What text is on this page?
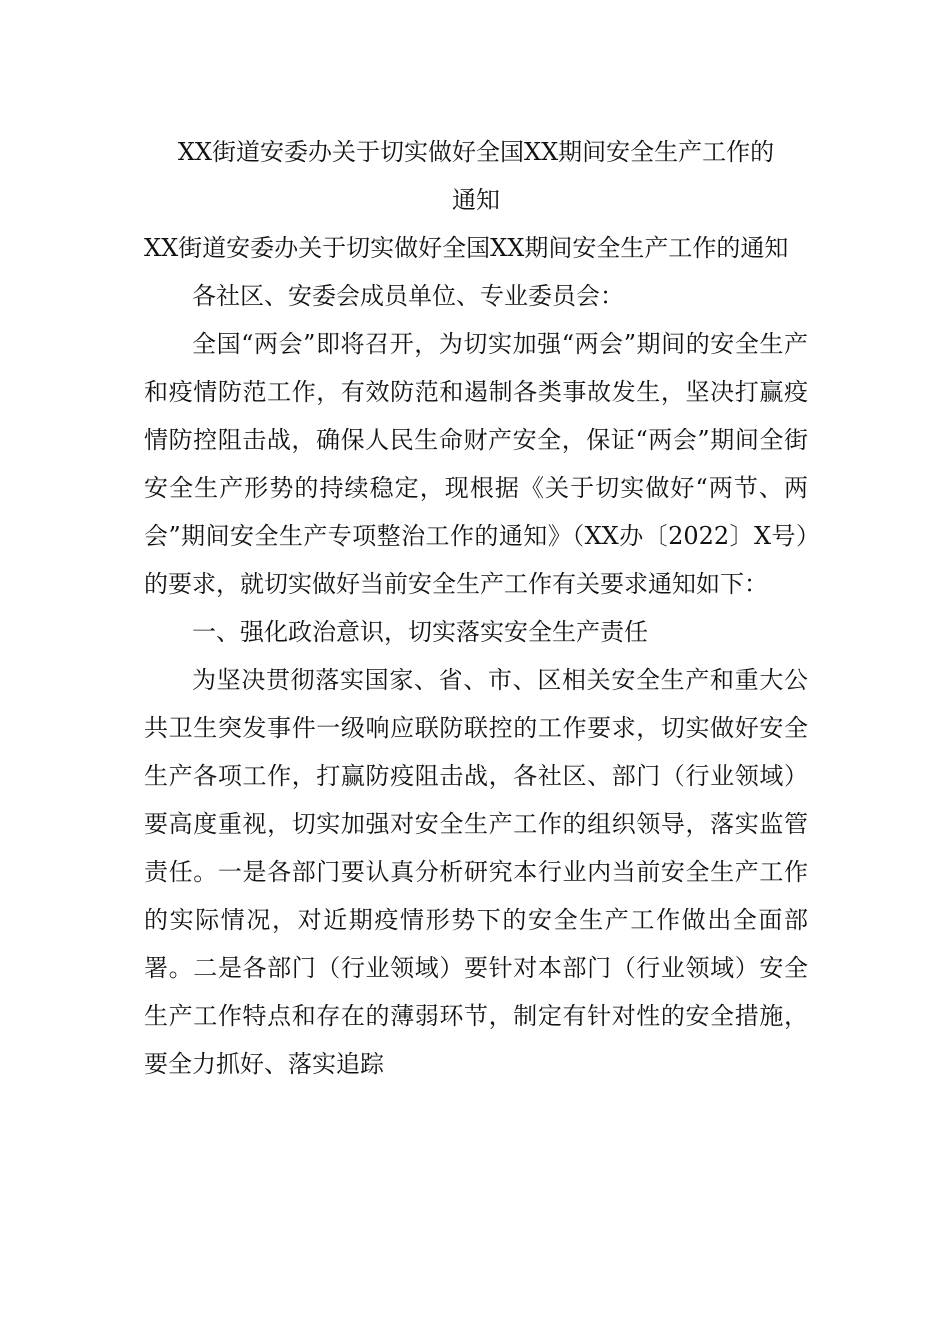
XX街道安委办关于切实做好全国XX期间安全生产工作的

通知

XX街道安委办关于切实做好全国XX期间安全生产工作的通知

各社区、安委会成员单位、专业委员会：

全国“两会”即将召开，为切实加强“两会”期间的安全生产和疫情防范工作，有效防范和遏制各类事故发生，坚决打赢疫情防控阻击战，确保人民生命财产安全，保证“两会”期间全街安全生产形势的持续稳定，现根据《关于切实做好“两节、两会”期间安全生产专项整治工作的通知》（XX办〔2022〕X号）的要求，就切实做好当前安全生产工作有关要求通知如下：

一、强化政治意识，切实落实安全生产责任

为坚决贯彻落实国家、省、市、区相关安全生产和重大公共卫生突发事件一级响应联防联控的工作要求，切实做好安全生产各项工作，打赢防疫阻击战，各社区、部门（行业领域）要高度重视，切实加强对安全生产工作的组织领导，落实监管责任。一是各部门要认真分析研究本行业内当前安全生产工作的实际情况，对近期疫情形势下的安全生产工作做出全面部署。二是各部门（行业领域）要针对本部门（行业领域）安全生产工作特点和存在的薄弱环节，制定有针对性的安全措施，要全力抓好、落实追踪
